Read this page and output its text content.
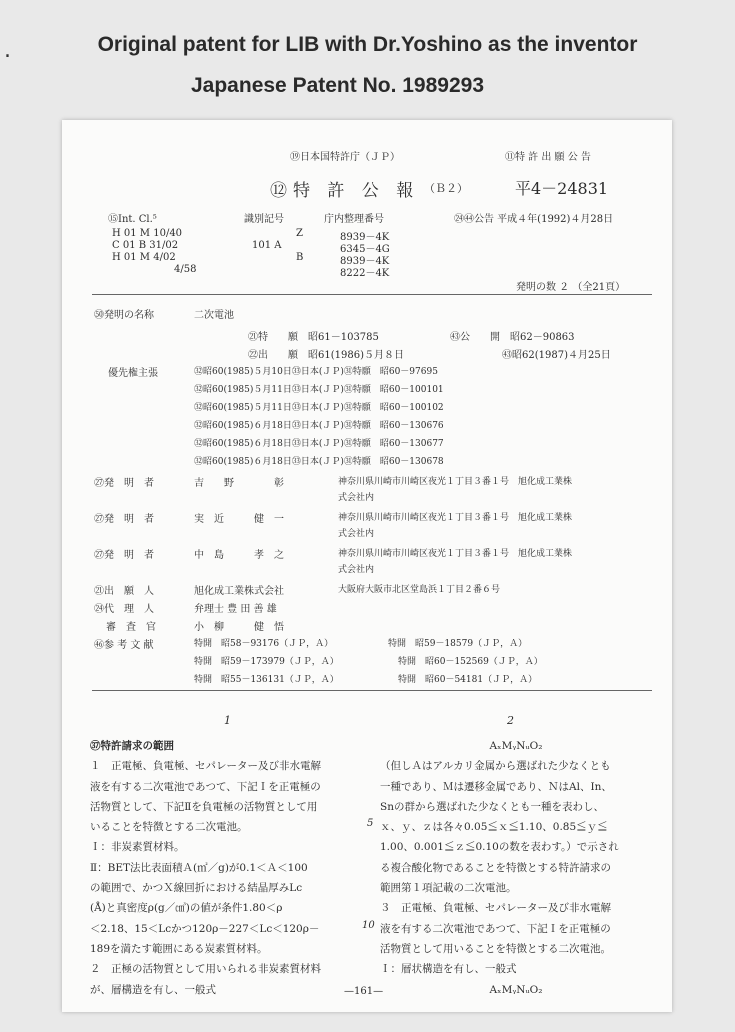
.	Original patent for LIB with Dr.Yoshino as the inventor
Japanese Patent No. 1989293
⑲日本国特許庁（ＪＰ）	⑪特 許 出 願 公 告
⑫特 許 公 報 （Ｂ２）	平4－24831
⑮Int. Cl.⁵	識別記号	庁内整理番号	㉔㊹公告 平成４年(1992)４月28日
H 01 M 10/40	Z	8939－4K
C 01 B 31/02	101 A	6345－4G
H 01 M 4/02	B	8939－4K
4/58	8222－4K
発明の数 ２ （全21頁）
㊿発明の名称	二次電池
㉑特　　願　昭61－103785	㊸公　　開　昭62－90863
㉒出　　願　昭61(1986)５月８日	㊸昭62(1987)４月25日
優先権主張	㉜昭60(1985)５月10日㉝日本(ＪＰ)㉛特願　昭60－97695
㉜昭60(1985)５月11日㉝日本(ＪＰ)㉛特願　昭60－100101
㉜昭60(1985)５月11日㉝日本(ＪＰ)㉛特願　昭60－100102
㉜昭60(1985)６月18日㉝日本(ＪＰ)㉛特願　昭60－130676
㉜昭60(1985)６月18日㉝日本(ＪＰ)㉛特願　昭60－130677
㉜昭60(1985)６月18日㉝日本(ＪＰ)㉛特願　昭60－130678
㉗発　明　者	吉　　野　　　　彰	神奈川県川崎市川崎区夜光１丁目３番１号　旭化成工業株
式会社内
㉗発　明　者	実　近　　　健　一	神奈川県川崎市川崎区夜光１丁目３番１号　旭化成工業株
式会社内
㉗発　明　者	中　島　　　孝　之	神奈川県川崎市川崎区夜光１丁目３番１号　旭化成工業株
式会社内
㉑出　願　人	旭化成工業株式会社	大阪府大阪市北区堂島浜１丁目２番６号
㉔代　理　人	弁理士 豊 田 善 雄
審　査　官	小　柳　　　健　悟
㊻参 考 文 献	特開　昭58－93176（ＪＰ，Ａ）	特開　昭59－18579（ＪＰ，Ａ）
特開　昭59－173979（ＪＰ，Ａ）	特開　昭60－152569（ＪＰ，Ａ）
特開　昭55－136131（ＪＰ，Ａ）	特開　昭60－54181（ＪＰ，Ａ）
1	2
㊲特許請求の範囲
１　正電極、負電極、セパレーター及び非水電解
液を有する二次電池であつて、下記Ｉを正電極の
活物質として、下記Ⅱを負電極の活物質として用
いることを特徴とする二次電池。
Ｉ：非炭素質材料。
Ⅱ：BET法比表面積Ａ(㎡／g)が0.1＜Ａ＜100
の範囲で、かつＸ線回折における結晶厚みLc
(Å)と真密度ρ(g／㎤)の値が条件1.80＜ρ
＜2.18、15＜Lcかつ120ρ－227＜Lc＜120ρ－
189を満たす範囲にある炭素質材料。
２　正極の活物質として用いられる非炭素質材料
が、層構造を有し、一般式
5
10
AₓMᵧNᵤO₂
（但しＡはアルカリ金属から選ばれた少なくとも
一種であり、Ｍは遷移金属であり、ＮはAl、In、
Snの群から選ばれた少なくとも一種を表わし、
ｘ、ｙ、ｚは各々0.05≦ｘ≦1.10、0.85≦ｙ≦
1.00、0.001≦ｚ≦0.10の数を表わす。）で示され
る複合酸化物であることを特徴とする特許請求の
範囲第１項記載の二次電池。
３　正電極、負電極、セパレーター及び非水電解
液を有する二次電池であつて、下記Ｉを正電極の
活物質として用いることを特徴とする二次電池。
Ｉ：層状構造を有し、一般式
AₓMᵧNᵤO₂
—161—
